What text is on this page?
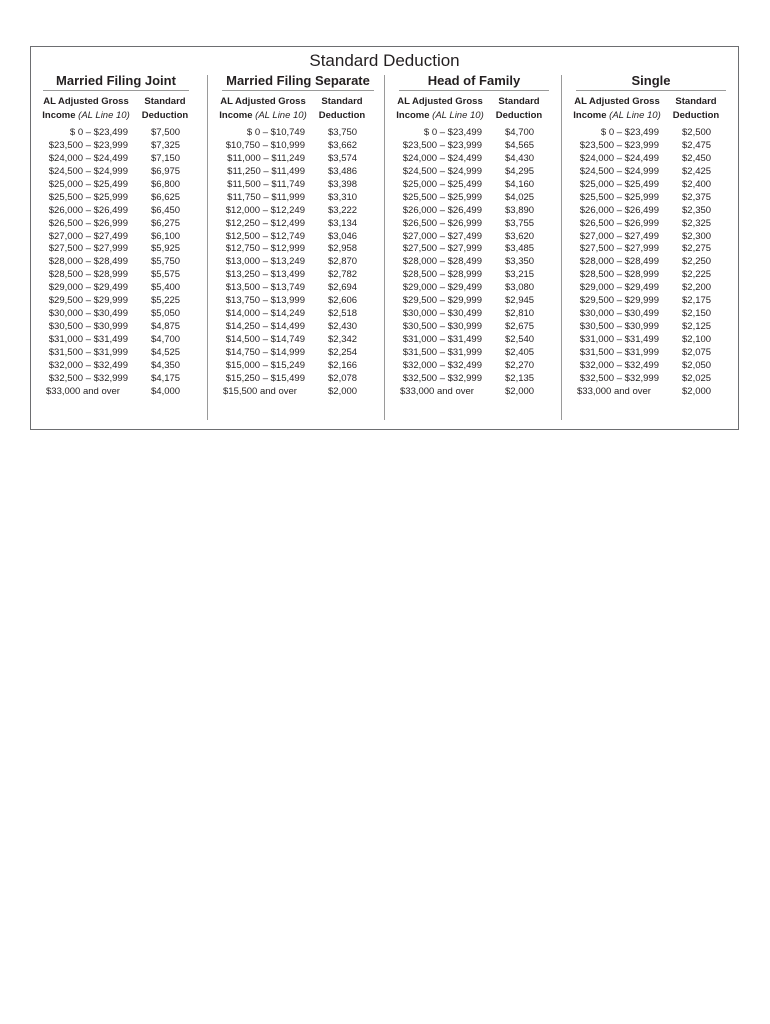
Standard Deduction
Married Filing Joint
AL Adjusted Gross
Income (AL Line 10)
Standard
Deduction
$ 0 – $23,499	$7,500
$23,500 – $23,999	$7,325
$24,000 – $24,499	$7,150
$24,500 – $24,999	$6,975
$25,000 – $25,499	$6,800
$25,500 – $25,999	$6,625
$26,000 – $26,499	$6,450
$26,500 – $26,999	$6,275
$27,000 – $27,499	$6,100
$27,500 – $27,999	$5,925
$28,000 – $28,499	$5,750
$28,500 – $28,999	$5,575
$29,000 – $29,499	$5,400
$29,500 – $29,999	$5,225
$30,000 – $30,499	$5,050
$30,500 – $30,999	$4,875
$31,000 – $31,499	$4,700
$31,500 – $31,999	$4,525
$32,000 – $32,499	$4,350
$32,500 – $32,999	$4,175
$33,000 and over	$4,000
Married Filing Separate
AL Adjusted Gross
Income (AL Line 10)
Standard
Deduction
$ 0 – $10,749	$3,750
$10,750 – $10,999	$3,662
$11,000 – $11,249	$3,574
$11,250 – $11,499	$3,486
$11,500 – $11,749	$3,398
$11,750 – $11,999	$3,310
$12,000 – $12,249	$3,222
$12,250 – $12,499	$3,134
$12,500 – $12,749	$3,046
$12,750 – $12,999	$2,958
$13,000 – $13,249	$2,870
$13,250 – $13,499	$2,782
$13,500 – $13,749	$2,694
$13,750 – $13,999	$2,606
$14,000 – $14,249	$2,518
$14,250 – $14,499	$2,430
$14,500 – $14,749	$2,342
$14,750 – $14,999	$2,254
$15,000 – $15,249	$2,166
$15,250 – $15,499	$2,078
$15,500 and over	$2,000
Head of Family
AL Adjusted Gross
Income (AL Line 10)
Standard
Deduction
$ 0 – $23,499	$4,700
$23,500 – $23,999	$4,565
$24,000 – $24,499	$4,430
$24,500 – $24,999	$4,295
$25,000 – $25,499	$4,160
$25,500 – $25,999	$4,025
$26,000 – $26,499	$3,890
$26,500 – $26,999	$3,755
$27,000 – $27,499	$3,620
$27,500 – $27,999	$3,485
$28,000 – $28,499	$3,350
$28,500 – $28,999	$3,215
$29,000 – $29,499	$3,080
$29,500 – $29,999	$2,945
$30,000 – $30,499	$2,810
$30,500 – $30,999	$2,675
$31,000 – $31,499	$2,540
$31,500 – $31,999	$2,405
$32,000 – $32,499	$2,270
$32,500 – $32,999	$2,135
$33,000 and over	$2,000
Single
AL Adjusted Gross
Income (AL Line 10)
Standard
Deduction
$ 0 – $23,499	$2,500
$23,500 – $23,999	$2,475
$24,000 – $24,499	$2,450
$24,500 – $24,999	$2,425
$25,000 – $25,499	$2,400
$25,500 – $25,999	$2,375
$26,000 – $26,499	$2,350
$26,500 – $26,999	$2,325
$27,000 – $27,499	$2,300
$27,500 – $27,999	$2,275
$28,000 – $28,499	$2,250
$28,500 – $28,999	$2,225
$29,000 – $29,499	$2,200
$29,500 – $29,999	$2,175
$30,000 – $30,499	$2,150
$30,500 – $30,999	$2,125
$31,000 – $31,499	$2,100
$31,500 – $31,999	$2,075
$32,000 – $32,499	$2,050
$32,500 – $32,999	$2,025
$33,000 and over	$2,000
